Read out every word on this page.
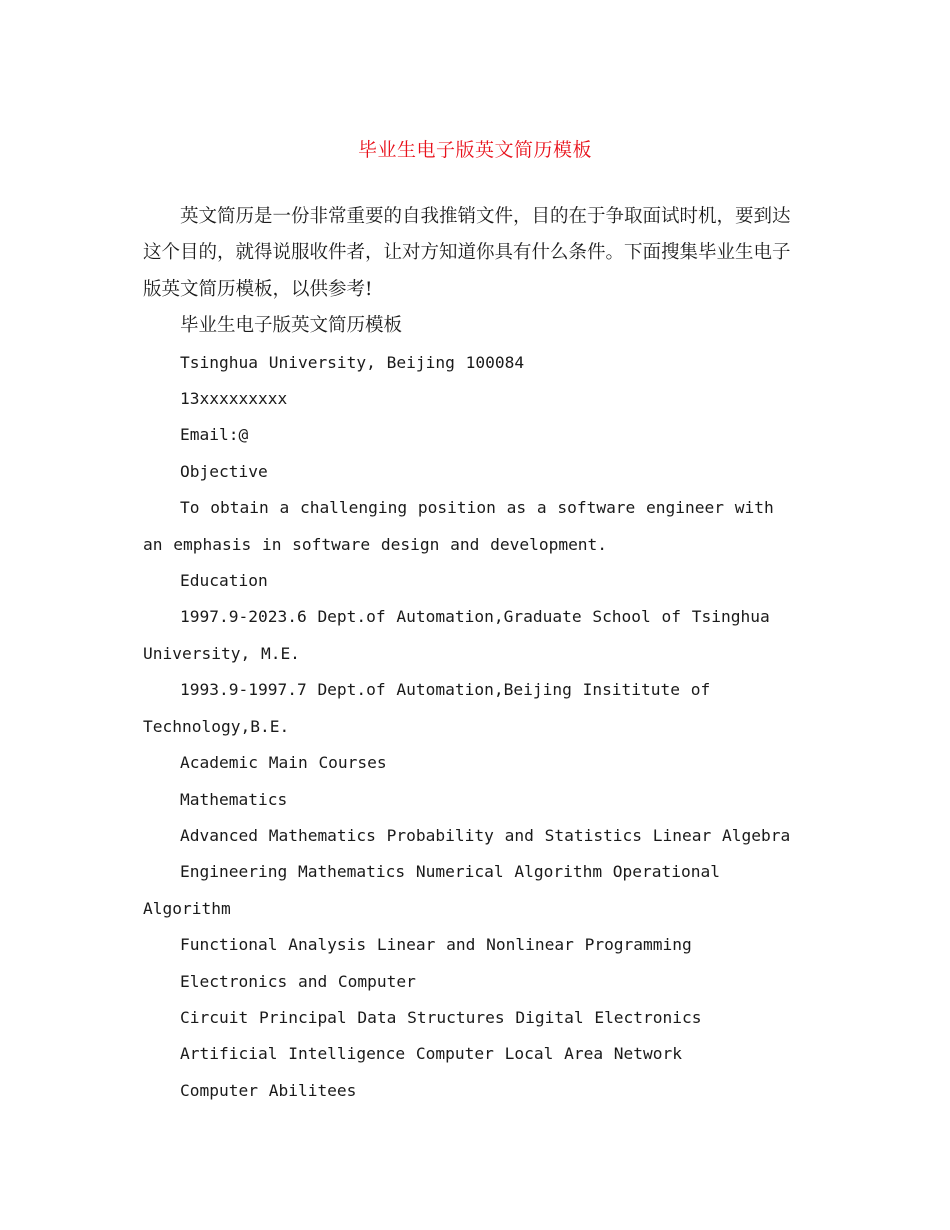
毕业生电子版英文简历模板

英文简历是一份非常重要的自我推销文件，目的在于争取面试时机，要到达这个目的，就得说服收件者，让对方知道你具有什么条件。下面搜集毕业生电子版英文简历模板，以供参考!

毕业生电子版英文简历模板

Tsinghua University, Beijing 100084

13xxxxxxxxx

Email:@

Objective

To obtain a challenging position as a software engineer with an emphasis in software design and development.

Education

1997.9-2023.6 Dept.of Automation,Graduate School of Tsinghua University, M.E.

1993.9-1997.7 Dept.of Automation,Beijing Insititute of Technology,B.E.

Academic Main Courses

Mathematics

Advanced Mathematics Probability and Statistics Linear Algebra

Engineering Mathematics Numerical Algorithm Operational Algorithm

Functional Analysis Linear and Nonlinear Programming

Electronics and Computer

Circuit Principal Data Structures Digital Electronics

Artificial Intelligence Computer Local Area Network

Computer Abilitees
